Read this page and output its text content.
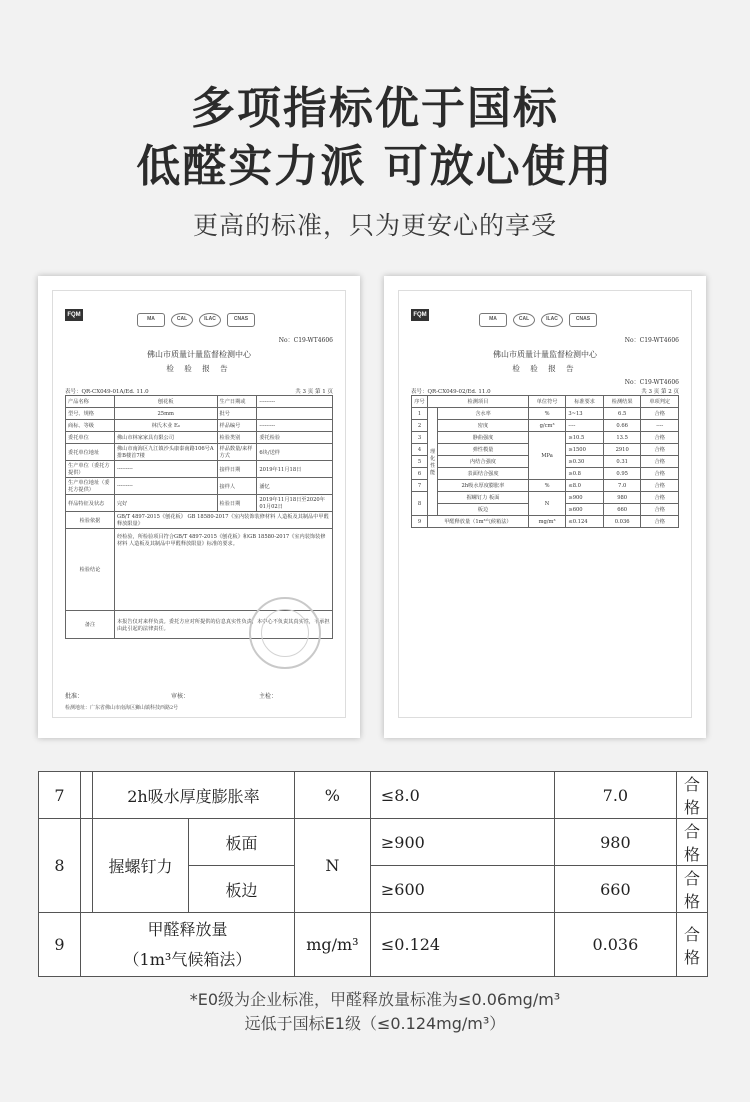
多项指标优于国标
低醛实力派 可放心使用
更高的标准，只为更安心的享受
FQM
MA	CAL	ILAC	CNAS
No：C19-WT4606
佛山市质量计量监督检测中心
检 验 报 告
表号：QR-CX049-01A/Ed. 11.0	共 3 页 第 1 页
产品名称	刨花板	生产日期或	---------
型号、规格	25mm	批号	
商标、等级	林氏木业 E₀	样品编号	---------
委托单位	佛山市林家家具有限公司	检验类别	委托检验
委托单位地址	佛山市南海区九江镇沙头康泰南路106号A排B楼首7楼	样品数量/来样方式	6块/送样
生产单位（委托方提供）	---------	接样日期	2019年11月18日
生产单位地址（委托方提供）	---------	接样人	潘忆
样品特征及状态	完好	检验日期	2019年11月18日至2020年01月02日
检验依据	GB/T 4897-2015《刨花板》 GB 18580-2017《室内装饰装修材料 人造板及其制品中甲醛释放限量》		
检验结论	经检验，所检验项目符合GB/T 4897-2015《刨花板》和GB 18580-2017《室内装饰装修材料 人造板及其制品中甲醛释放限量》标准的要求。		
备注	本报告仅对来样负责。委托方应对所提供的信息真实性负责，本中心不负责其真实性，不承担由此引起的法律责任。		
批准：	审核：	主检：
检测地址：广东省佛山市南海区狮山镇科技西路2号
FQM
MA	CAL	ILAC	CNAS
No：C19-WT4606
佛山市质量计量监督检测中心
检 验 报 告
No：C19-WT4606
表号：QR-CX049-02/Ed. 11.0	共 3 页 第 2 页
序号	检测项目		单位符号	标准要求	检测结果	单项判定
1	理化性能	含水率	%	3~13	6.5	合格
2		密度	g/cm³	----	0.66	----
3		静曲强度	MPa	≥10.5	13.5	合格
4		弹性模量		≥1500	2910	合格
5		内结合强度		≥0.30	0.31	合格
6		表面结合强度		≥0.8	0.95	合格
7		2h吸水厚度膨胀率	%	≤8.0	7.0	合格
8		握螺钉力 板面	N	≥900	980	合格
		板边		≥600	660	合格
9	甲醛释放量（1m³气候箱法）		mg/m³	≤0.124	0.036	合格
7		2h吸水厚度膨胀率		%	≤8.0	7.0	合格
8		握螺钉力	板面	N	≥900	980	合格
			板边		≥600	660	合格
9	甲醛释放量
（1m³气候箱法）			mg/m³	≤0.124	0.036	合格
*E0级为企业标准，甲醛释放量标准为≤0.06mg/m³
远低于国标E1级（≤0.124mg/m³）
